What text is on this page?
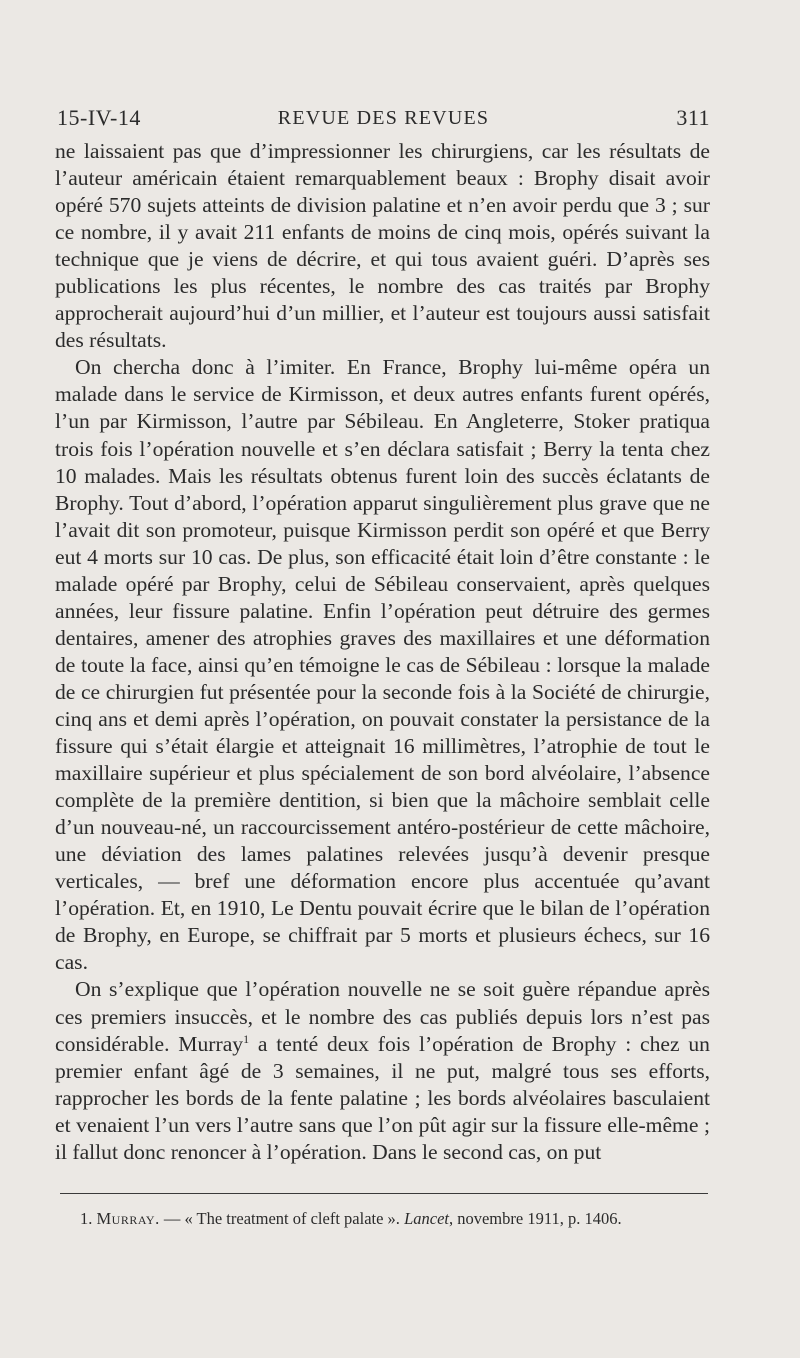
15-IV-14	REVUE DES REVUES	311

ne laissaient pas que d’impressionner les chirurgiens, car les résultats de l’auteur américain étaient remarquablement beaux : Brophy disait avoir opéré 570 sujets atteints de division palatine et n’en avoir perdu que 3 ; sur ce nombre, il y avait 211 enfants de moins de cinq mois, opérés suivant la technique que je viens de décrire, et qui tous avaient guéri. D’après ses publications les plus récentes, le nombre des cas traités par Brophy approcherait aujourd’hui d’un millier, et l’auteur est toujours aussi satisfait des résultats.

On chercha donc à l’imiter. En France, Brophy lui-même opéra un malade dans le service de Kirmisson, et deux autres enfants furent opérés, l’un par Kirmisson, l’autre par Sébileau. En Angleterre, Stoker pratiqua trois fois l’opération nouvelle et s’en déclara satisfait ; Berry la tenta chez 10 malades. Mais les résultats obtenus furent loin des succès éclatants de Brophy. Tout d’abord, l’opération apparut singulièrement plus grave que ne l’avait dit son promoteur, puisque Kirmisson perdit son opéré et que Berry eut 4 morts sur 10 cas. De plus, son efficacité était loin d’être constante : le malade opéré par Brophy, celui de Sébileau conservaient, après quelques années, leur fissure palatine. Enfin l’opération peut détruire des germes dentaires, amener des atrophies graves des maxillaires et une déformation de toute la face, ainsi qu’en témoigne le cas de Sébileau : lorsque la malade de ce chirurgien fut présentée pour la seconde fois à la Société de chirurgie, cinq ans et demi après l’opération, on pouvait constater la persistance de la fissure qui s’était élargie et atteignait 16 millimètres, l’atrophie de tout le maxillaire supérieur et plus spécialement de son bord alvéolaire, l’absence complète de la première dentition, si bien que la mâchoire semblait celle d’un nouveau-né, un raccourcissement antéro-postérieur de cette mâchoire, une déviation des lames palatines relevées jusqu’à devenir presque verticales, — bref une déformation encore plus accentuée qu’avant l’opération. Et, en 1910, Le Dentu pouvait écrire que le bilan de l’opération de Brophy, en Europe, se chiffrait par 5 morts et plusieurs échecs, sur 16 cas.

On s’explique que l’opération nouvelle ne se soit guère répandue après ces premiers insuccès, et le nombre des cas publiés depuis lors n’est pas considérable. Murray$^1$ a tenté deux fois l’opération de Brophy : chez un premier enfant âgé de 3 semaines, il ne put, malgré tous ses efforts, rapprocher les bords de la fente palatine ; les bords alvéolaires basculaient et venaient l’un vers l’autre sans que l’on pût agir sur la fissure elle-même ; il fallut donc renoncer à l’opération. Dans le second cas, on put

1. Murray. — « The treatment of cleft palate ». Lancet, novembre 1911, p. 1406.
